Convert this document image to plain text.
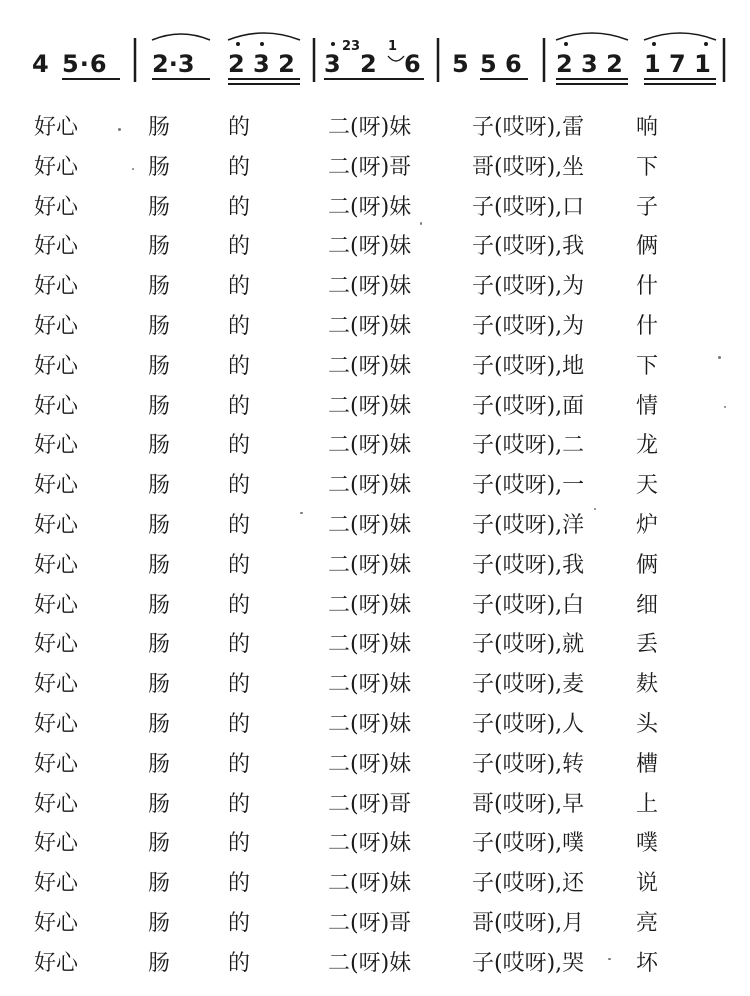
4 5·6 2·3 2 3 2 3
23
2
1
6 5 5 6 2 3 2 1 7 1
好心	肠	的	二(呀)妹	子(哎呀),雷 响
好心	肠	的	二(呀)哥	哥(哎呀),坐 下
好心	肠	的	二(呀)妹	子(哎呀),口 子
好心	肠	的	二(呀)妹	子(哎呀),我 俩
好心	肠	的	二(呀)妹	子(哎呀),为 什
好心	肠	的	二(呀)妹	子(哎呀),为 什
好心	肠	的	二(呀)妹	子(哎呀),地 下
好心	肠	的	二(呀)妹	子(哎呀),面 情
好心	肠	的	二(呀)妹	子(哎呀),二 龙
好心	肠	的	二(呀)妹	子(哎呀),一 天
好心	肠	的	二(呀)妹	子(哎呀),洋 炉
好心	肠	的	二(呀)妹	子(哎呀),我 俩
好心	肠	的	二(呀)妹	子(哎呀),白 细
好心	肠	的	二(呀)妹	子(哎呀),就 丢
好心	肠	的	二(呀)妹	子(哎呀),麦 麸
好心	肠	的	二(呀)妹	子(哎呀),人 头
好心	肠	的	二(呀)妹	子(哎呀),转 槽
好心	肠	的	二(呀)哥	哥(哎呀),早 上
好心	肠	的	二(呀)妹	子(哎呀),噗 噗
好心	肠	的	二(呀)妹	子(哎呀),还 说
好心	肠	的	二(呀)哥	哥(哎呀),月 亮
好心	肠	的	二(呀)妹	子(哎呀),哭 坏
